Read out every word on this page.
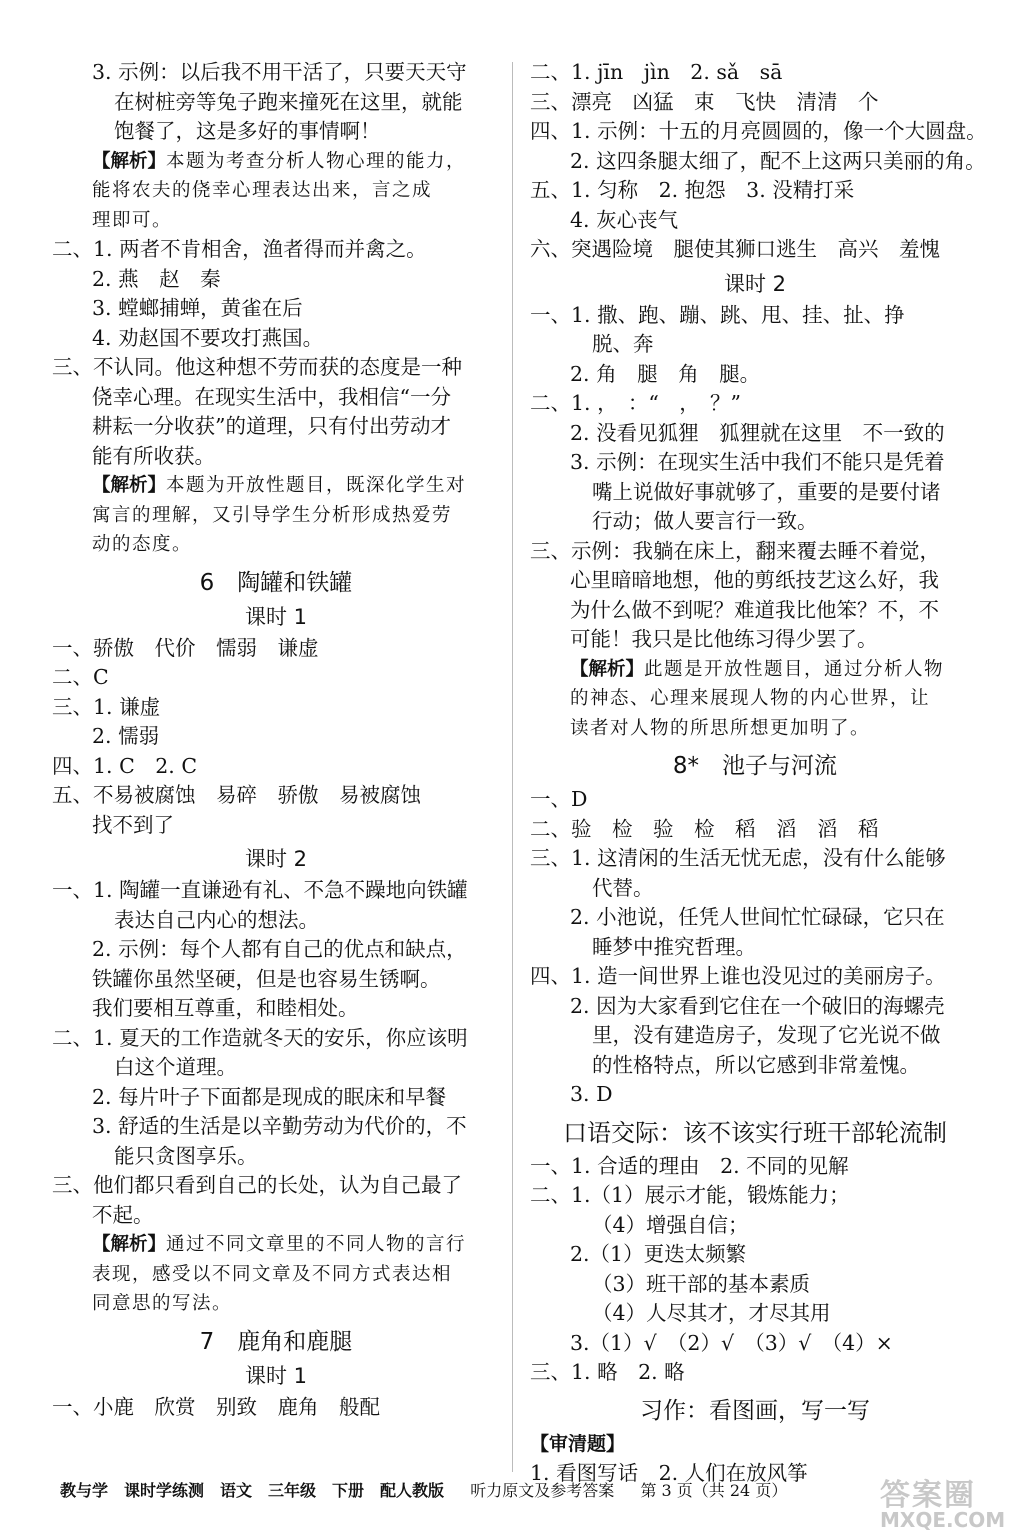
3. 示例：以后我不用干活了，只要天天守
在树桩旁等兔子跑来撞死在这里，就能
饱餐了，这是多好的事情啊！
【解析】本题为考查分析人物心理的能力，
能将农夫的侥幸心理表达出来，言之成
理即可。
二、1. 两者不肯相舍，渔者得而并禽之。
2. 燕　赵　秦
3. 螳螂捕蝉，黄雀在后
4. 劝赵国不要攻打燕国。
三、不认同。他这种想不劳而获的态度是一种
侥幸心理。在现实生活中，我相信“一分
耕耘一分收获”的道理，只有付出劳动才
能有所收获。
【解析】本题为开放性题目，既深化学生对
寓言的理解，又引导学生分析形成热爱劳
动的态度。
6　陶罐和铁罐
课时 1
一、骄傲　代价　懦弱　谦虚
二、C
三、1. 谦虚
2. 懦弱
四、1. C　2. C
五、不易被腐蚀　易碎　骄傲　易被腐蚀
找不到了
课时 2
一、1. 陶罐一直谦逊有礼、不急不躁地向铁罐
表达自己内心的想法。
2. 示例：每个人都有自己的优点和缺点，
铁罐你虽然坚硬，但是也容易生锈啊。
我们要相互尊重，和睦相处。
二、1. 夏天的工作造就冬天的安乐，你应该明
白这个道理。
2. 每片叶子下面都是现成的眠床和早餐
3. 舒适的生活是以辛勤劳动为代价的，不
能只贪图享乐。
三、他们都只看到自己的长处，认为自己最了
不起。
【解析】通过不同文章里的不同人物的言行
表现，感受以不同文章及不同方式表达相
同意思的写法。
7　鹿角和鹿腿
课时 1
一、小鹿　欣赏　别致　鹿角　般配
二、1. jīn　jìn　2. sǎ　sā
三、漂亮　凶猛　束　飞快　清清　个
四、1. 示例：十五的月亮圆圆的，像一个大圆盘。
2. 这四条腿太细了，配不上这两只美丽的角。
五、1. 匀称　2. 抱怨　3. 没精打采
4. 灰心丧气
六、突遇险境　腿使其狮口逃生　高兴　羞愧
课时 2
一、1. 撒、跑、蹦、跳、甩、挂、扯、挣
脱、奔
2. 角　腿　角　腿。
二、1. ，　：“　，　？”
2. 没看见狐狸　狐狸就在这里　不一致的
3. 示例：在现实生活中我们不能只是凭着
嘴上说做好事就够了，重要的是要付诸
行动；做人要言行一致。
三、示例：我躺在床上，翻来覆去睡不着觉，
心里暗暗地想，他的剪纸技艺这么好，我
为什么做不到呢？难道我比他笨？不，不
可能！我只是比他练习得少罢了。
【解析】此题是开放性题目，通过分析人物
的神态、心理来展现人物的内心世界，让
读者对人物的所思所想更加明了。
8*　池子与河流
一、D
二、验　检　验　检　稻　滔　滔　稻
三、1. 这清闲的生活无忧无虑，没有什么能够
代替。
2. 小池说，任凭人世间忙忙碌碌，它只在
睡梦中推究哲理。
四、1. 造一间世界上谁也没见过的美丽房子。
2. 因为大家看到它住在一个破旧的海螺壳
里，没有建造房子，发现了它光说不做
的性格特点，所以它感到非常羞愧。
3. D
口语交际：该不该实行班干部轮流制
一、1. 合适的理由　2. 不同的见解
二、1.（1）展示才能，锻炼能力；
（4）增强自信；
2.（1）更迭太频繁
（3）班干部的基本素质
（4）人尽其才，才尽其用
3.（1）√　（2）√　（3）√　（4）×
三、1. 略　2. 略
习作：看图画，写一写
【审清题】
1. 看图写话　2. 人们在放风筝
教与学　课时学练测　语文　三年级　下册　配人教版 　 听力原文及参考答案 　 第 3 页（共 24 页）	答案圈
MXQE.COM
